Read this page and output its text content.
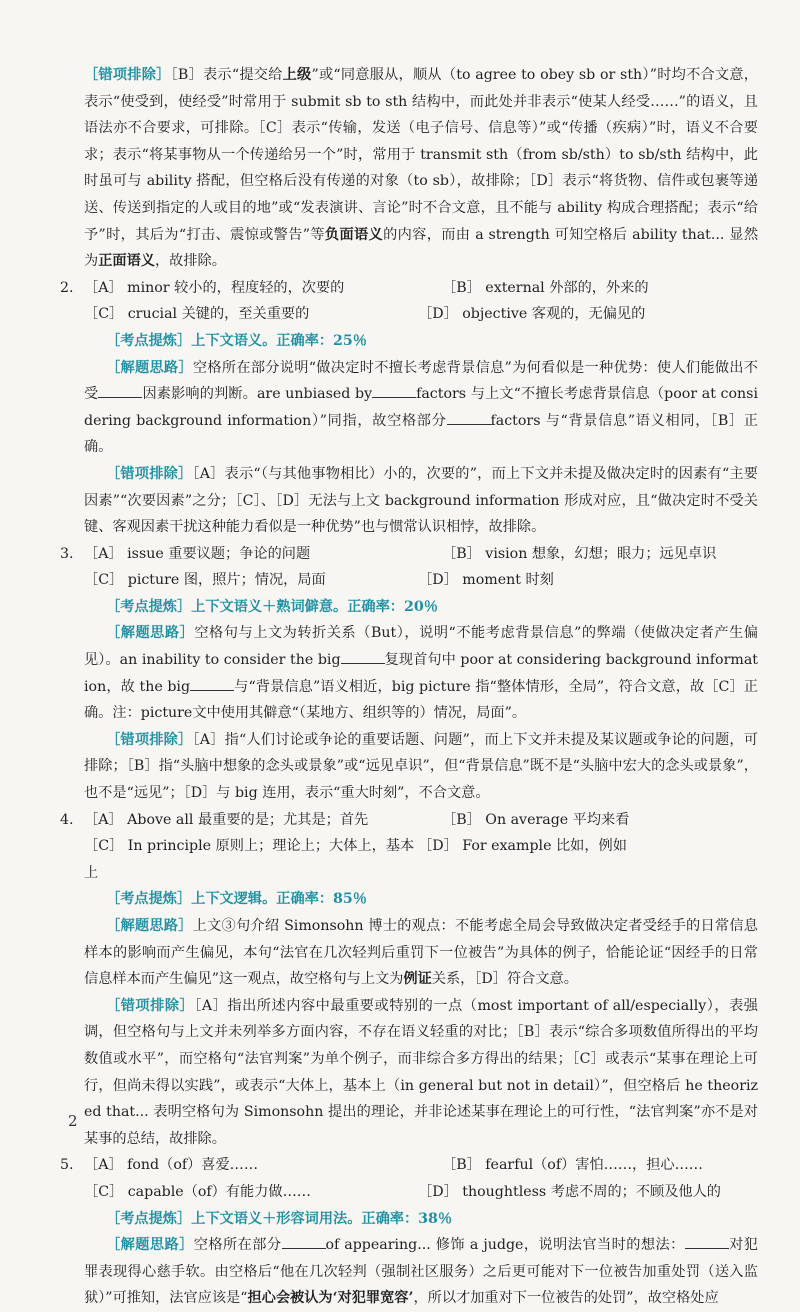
［错项排除］［B］表示“提交给上级”或“同意服从，顺从（to agree to obey sb or sth）”时均不合文意，表示“使受到，使经受”时常用于 submit sb to sth 结构中，而此处并非表示“使某人经受……”的语义，且语法亦不合要求，可排除。［C］表示“传输，发送（电子信号、信息等）”或“传播（疾病）”时，语义不合要求；表示“将某事物从一个传递给另一个”时，常用于 transmit sth（from sb/sth）to sb/sth 结构中，此时虽可与 ability 搭配，但空格后没有传递的对象（to sb），故排除；［D］表示“将货物、信件或包裹等递送、传送到指定的人或目的地”或“发表演讲、言论”时不合文意，且不能与 ability 构成合理搭配；表示“给予”时，其后为“打击、震惊或警告”等负面语义的内容，而由 a strength 可知空格后 ability that... 显然为正面语义，故排除。

2. ［A］ minor 较小的，程度轻的，次要的	［B］ external 外部的，外来的
［C］ crucial 关键的，至关重要的	［D］ objective 客观的，无偏见的

［考点提炼］上下文语义。正确率：25％

［解题思路］空格所在部分说明“做决定时不擅长考虑背景信息”为何看似是一种优势：使人们能做出不受	因素影响的判断。are unbiased by	factors 与上文“不擅长考虑背景信息（poor at considering background information）”同指，故空格部分	factors 与“背景信息”语义相同，［B］正确。

［错项排除］［A］表示“（与其他事物相比）小的，次要的”，而上下文并未提及做决定时的因素有“主要因素”“次要因素”之分；［C］、［D］无法与上文 background information 形成对应，且“做决定时不受关键、客观因素干扰这种能力看似是一种优势”也与惯常认识相悖，故排除。

3. ［A］ issue 重要议题；争论的问题	［B］ vision 想象，幻想；眼力；远见卓识
［C］ picture 图，照片；情况，局面	［D］ moment 时刻

［考点提炼］上下文语义＋熟词僻意。正确率：20％

［解题思路］空格句与上文为转折关系（But），说明“不能考虑背景信息”的弊端（使做决定者产生偏见）。an inability to consider the big	复现首句中 poor at considering background information，故 the big	与“背景信息”语义相近，big picture 指“整体情形，全局”，符合文意，故［C］正确。注：picture文中使用其僻意“（某地方、组织等的）情况，局面”。

［错项排除］［A］指“人们讨论或争论的重要话题、问题”，而上下文并未提及某议题或争论的问题，可排除；［B］指“头脑中想象的念头或景象”或“远见卓识”，但“背景信息”既不是“头脑中宏大的念头或景象”，也不是“远见”；［D］与 big 连用，表示“重大时刻”，不合文意。

4. ［A］ Above all 最重要的是；尤其是；首先	［B］ On average 平均来看
［C］ In principle 原则上；理论上；大体上，基本上
［D］ For example 比如，例如

［考点提炼］上下文逻辑。正确率：85％

［解题思路］上文③句介绍 Simonsohn 博士的观点：不能考虑全局会导致做决定者受经手的日常信息样本的影响而产生偏见，本句“法官在几次轻判后重罚下一位被告”为具体的例子，恰能论证“因经手的日常信息样本而产生偏见”这一观点，故空格句与上文为例证关系，［D］符合文意。

［错项排除］［A］指出所述内容中最重要或特别的一点（most important of all/especially），表强调，但空格句与上文并未列举多方面内容，不存在语义轻重的对比；［B］表示“综合多项数值所得出的平均数值或水平”，而空格句“法官判案”为单个例子，而非综合多方得出的结果；［C］或表示“某事在理论上可行，但尚未得以实践”，或表示“大体上，基本上（in general but not in detail）”，但空格后 he theorized that... 表明空格句为 Simonsohn 提出的理论，并非论述某事在理论上的可行性，“法官判案”亦不是对某事的总结，故排除。

5. ［A］ fond（of）喜爱……	［B］ fearful（of）害怕……，担心……
［C］ capable（of）有能力做……	［D］ thoughtless 考虑不周的；不顾及他人的

［考点提炼］上下文语义＋形容词用法。正确率：38％

［解题思路］空格所在部分	of appearing... 修饰 a judge，说明法官当时的想法：	对犯罪表现得心慈手软。由空格后“他在几次轻判（强制社区服务）之后更可能对下一位被告加重处罚（送入监狱）”可推知，法官应该是“担心会被认为‘对犯罪宽容’，所以才加重对下一位被告的处罚”，故空格处应

2
